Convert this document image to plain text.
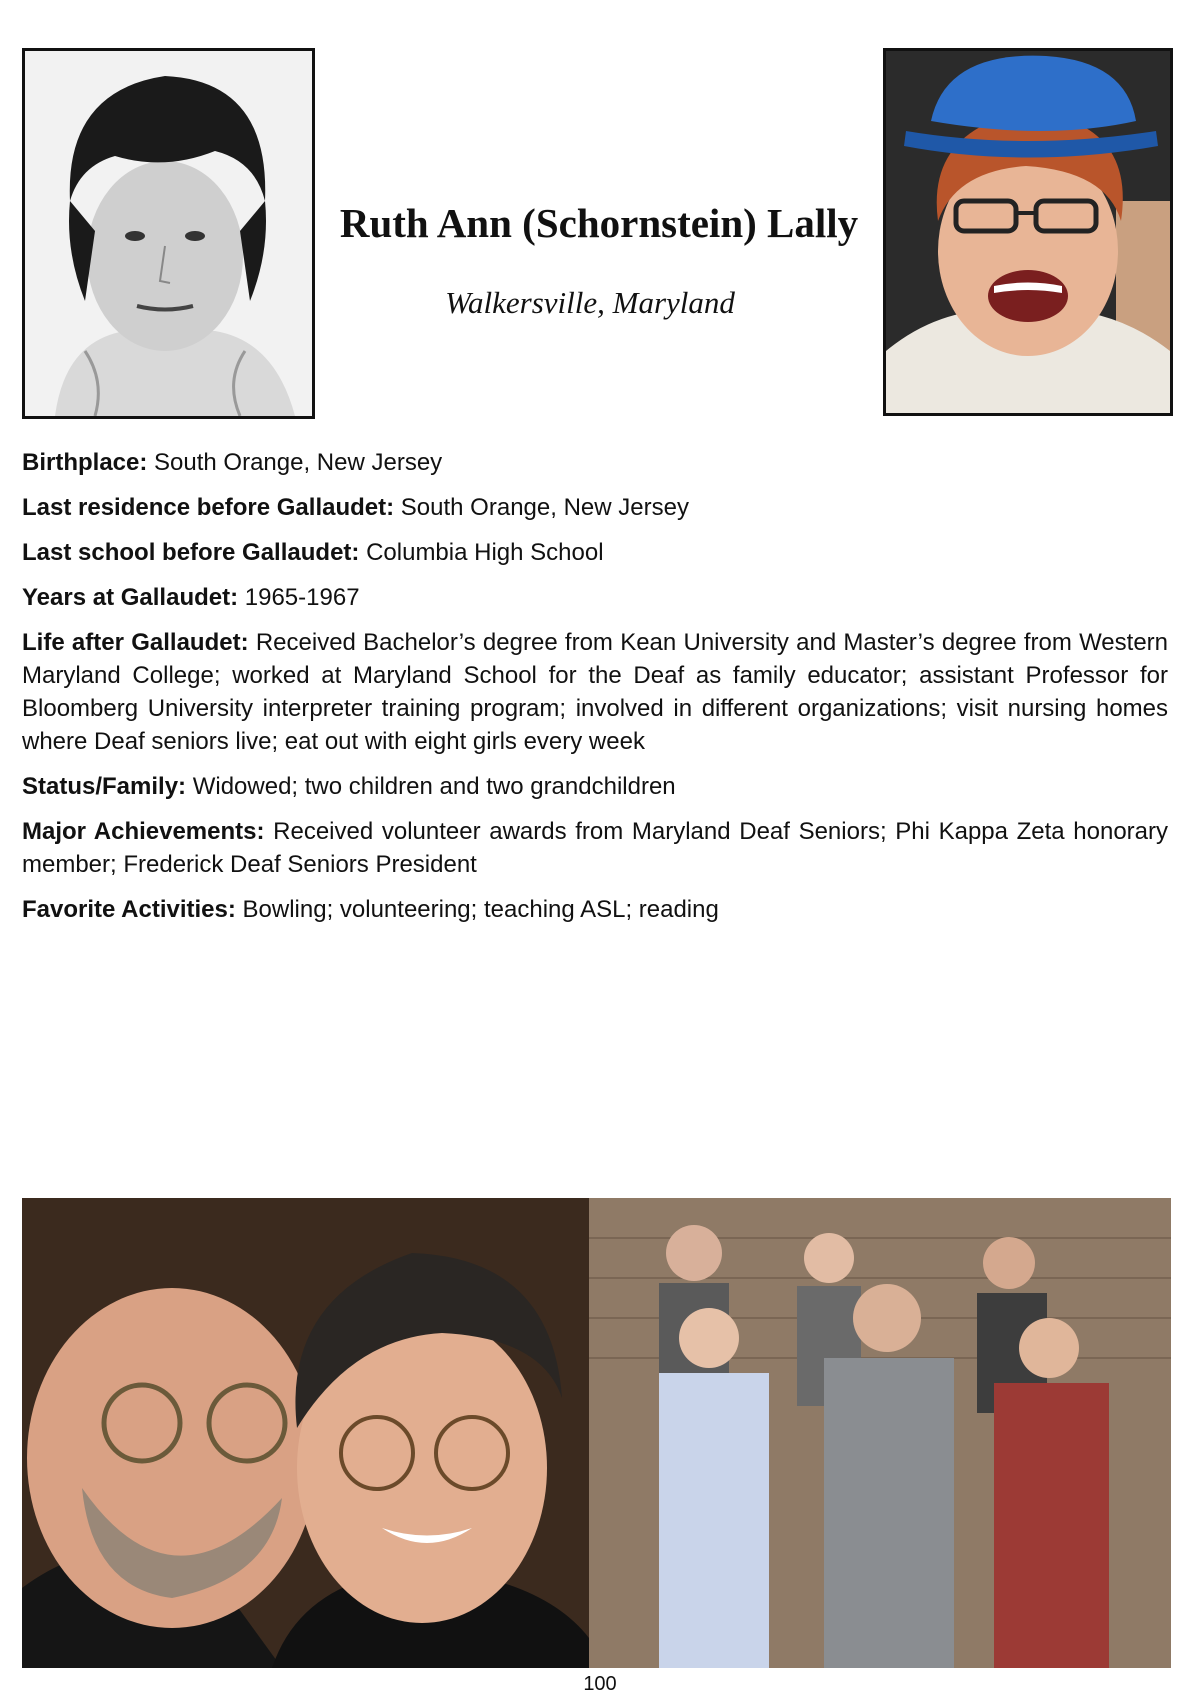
Ruth Ann (Schornstein) Lally

Walkersville, Maryland

Birthplace: South Orange, New Jersey

Last residence before Gallaudet: South Orange, New Jersey

Last school before Gallaudet: Columbia High School

Years at Gallaudet: 1965-1967

Life after Gallaudet: Received Bachelor’s degree from Kean University and Master’s degree from Western Maryland College; worked at Maryland School for the Deaf as family educator; assistant Professor for Bloomberg University interpreter training program; involved in different organizations; visit nursing homes where Deaf seniors live; eat out with eight girls every week

Status/Family: Widowed; two children and two grandchildren

Major Achievements: Received volunteer awards from Maryland Deaf Seniors; Phi Kappa Zeta honorary member; Frederick Deaf Seniors President

Favorite Activities: Bowling; volunteering; teaching ASL; reading

100
